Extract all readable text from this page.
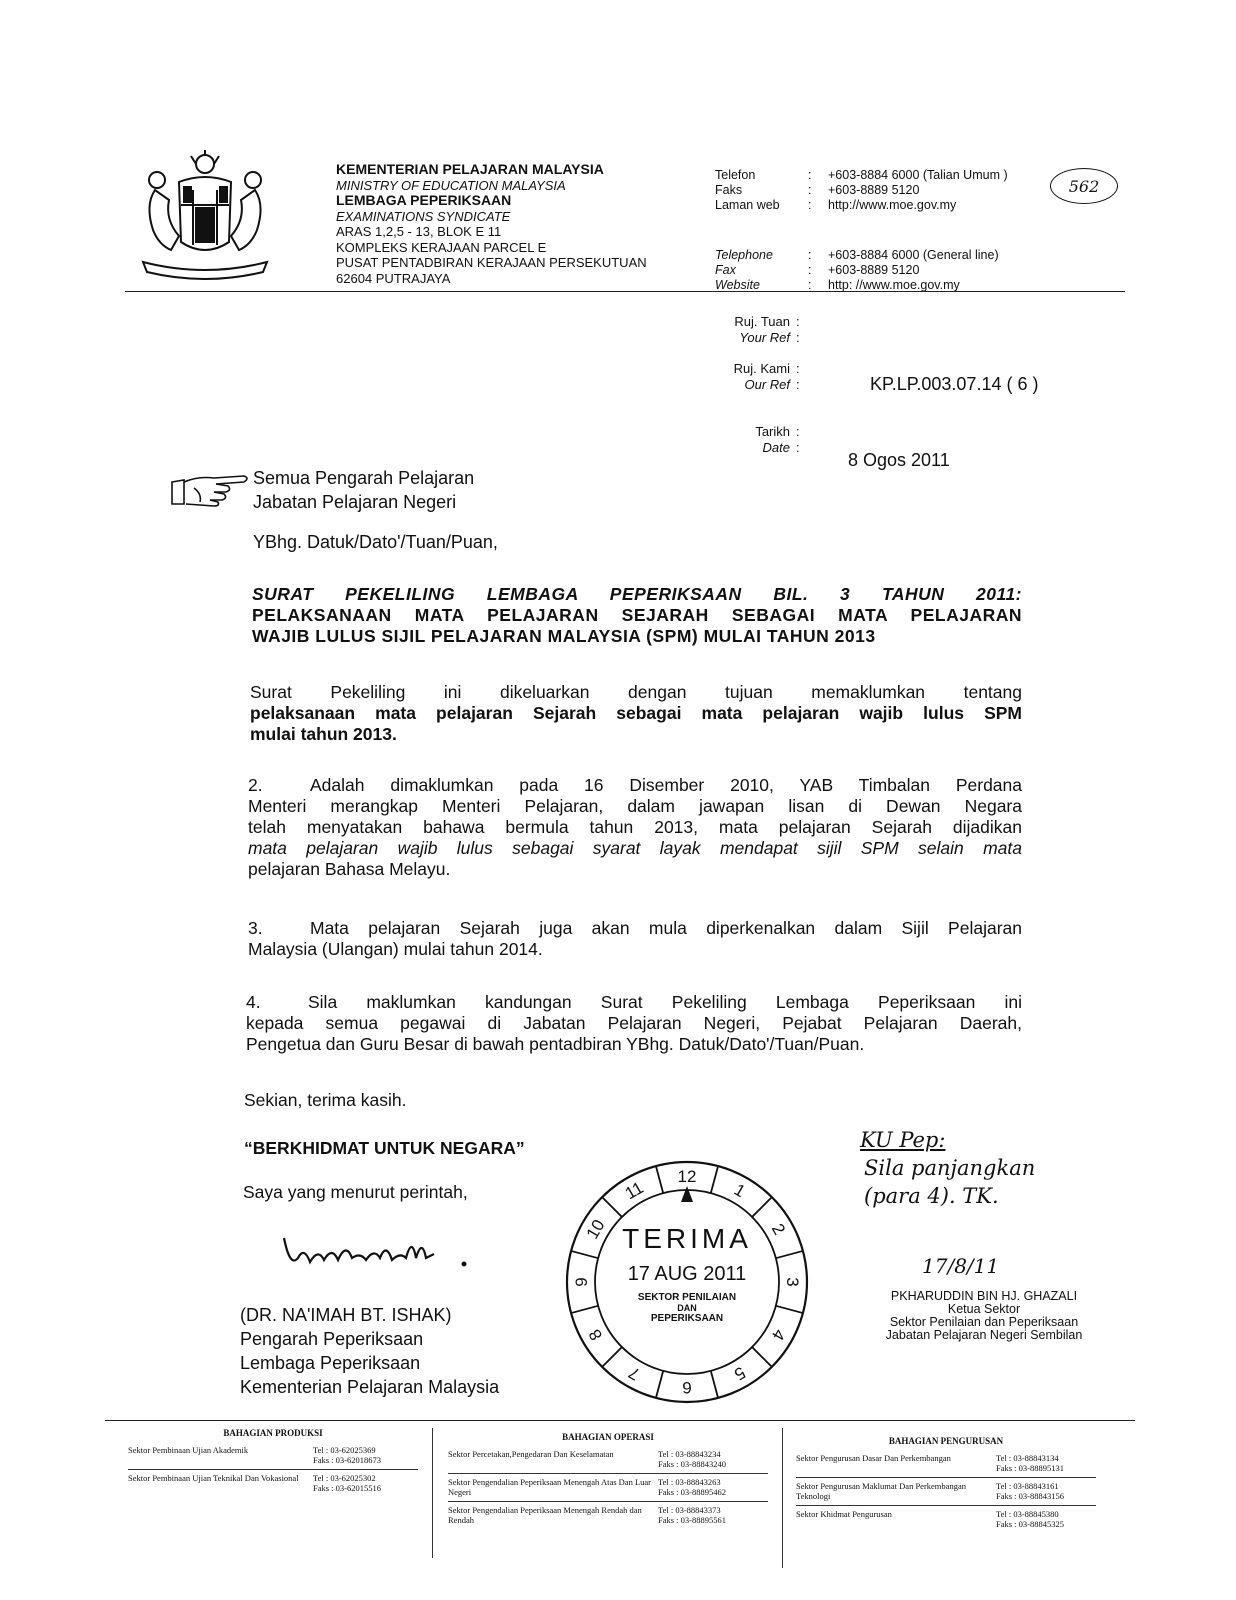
KEMENTERIAN PELAJARAN MALAYSIA
MINISTRY OF EDUCATION MALAYSIA
LEMBAGA PEPERIKSAAN
EXAMINATIONS SYNDICATE
ARAS 1,2,5 - 13, BLOK E 11
KOMPLEKS KERAJAAN PARCEL E
PUSAT PENTADBIRAN KERAJAAN PERSEKUTUAN
62604 PUTRAJAYA
Telefon	:	+603-8884 6000 (Talian Umum )
Faks	:	+603-8889 5120
Laman web	:	http://www.moe.gov.my
562
Telephone	:	+603-8884 6000 (General line)
Fax	:	+603-8889 5120
Website	:	http: //www.moe.gov.my
Ruj. Tuan :
Your Ref :
Ruj. Kami :
Our Ref :	KP.LP.003.07.14 ( 6 )
Tarikh :
Date :
8 Ogos 2011
Semua Pengarah Pelajaran
Jabatan Pelajaran Negeri
YBhg. Datuk/Dato'/Tuan/Puan,
SURAT PEKELILING LEMBAGA PEPERIKSAAN BIL. 3 TAHUN 2011:
PELAKSANAAN MATA PELAJARAN SEJARAH SEBAGAI MATA PELAJARAN
WAJIB LULUS SIJIL PELAJARAN MALAYSIA (SPM) MULAI TAHUN 2013
Surat Pekeliling ini dikeluarkan dengan tujuan memaklumkan tentang
pelaksanaan mata pelajaran Sejarah sebagai mata pelajaran wajib lulus SPM
mulai tahun 2013.
2.	Adalah dimaklumkan pada 16 Disember 2010, YAB Timbalan Perdana
Menteri merangkap Menteri Pelajaran, dalam jawapan lisan di Dewan Negara
telah menyatakan bahawa bermula tahun 2013, mata pelajaran Sejarah dijadikan
mata pelajaran wajib lulus sebagai syarat layak mendapat sijil SPM selain mata
pelajaran Bahasa Melayu.
3.	Mata pelajaran Sejarah juga akan mula diperkenalkan dalam Sijil Pelajaran
Malaysia (Ulangan) mulai tahun 2014.
4.	Sila maklumkan kandungan Surat Pekeliling Lembaga Peperiksaan ini
kepada semua pegawai di Jabatan Pelajaran Negeri, Pejabat Pelajaran Daerah,
Pengetua dan Guru Besar di bawah pentadbiran YBhg. Datuk/Dato'/Tuan/Puan.
Sekian, terima kasih.
“BERKHIDMAT UNTUK NEGARA”
Saya yang menurut perintah,
(DR. NA'IMAH BT. ISHAK)
Pengarah Peperiksaan
Lembaga Peperiksaan
Kementerian Pelajaran Malaysia
1
2
3
4
5
6
7
8
9
10
11
12
TERIMA
17 AUG 2011
SEKTOR PENILAIAN
DAN
PEPERIKSAAN
KU Pep:
Sila panjangkan
(para 4). TK.
17/8/11
PKHARUDDIN BIN HJ. GHAZALI
Ketua Sektor
Sektor Penilaian dan Peperiksaan
Jabatan Pelajaran Negeri Sembilan
BAHAGIAN PRODUKSI
Sektor Pembinaan Ujian Akademik	Tel : 03-62025369
Faks : 03-62018673
Sektor Pembinaan Ujian Teknikal Dan Vokasional	Tel : 03-62025302
Faks : 03-62015516
BAHAGIAN OPERASI
Sektor Percetakan,Pengedaran Dan Keselamatan	Tel : 03-88843234
Faks : 03-88843240
Sektor Pengendalian Peperiksaan Menengah Atas Dan Luar Negeri
Tel : 03-88843263
Faks : 03-88895462
Sektor Pengendalian Peperiksaan Menengah Rendah dan Rendah
Tel : 03-88843373
Faks : 03-88895561
BAHAGIAN PENGURUSAN
Sektor Pengurusan Dasar Dan Perkembangan	Tel : 03-88843134
Faks : 03-88895131
Sektor Pengurusan Maklumat Dan Perkembangan Teknologi
Tel : 03-88843161
Faks : 03-88843156
Sektor Khidmat Pengurusan	Tel : 03-88845380
Faks : 03-88845325
